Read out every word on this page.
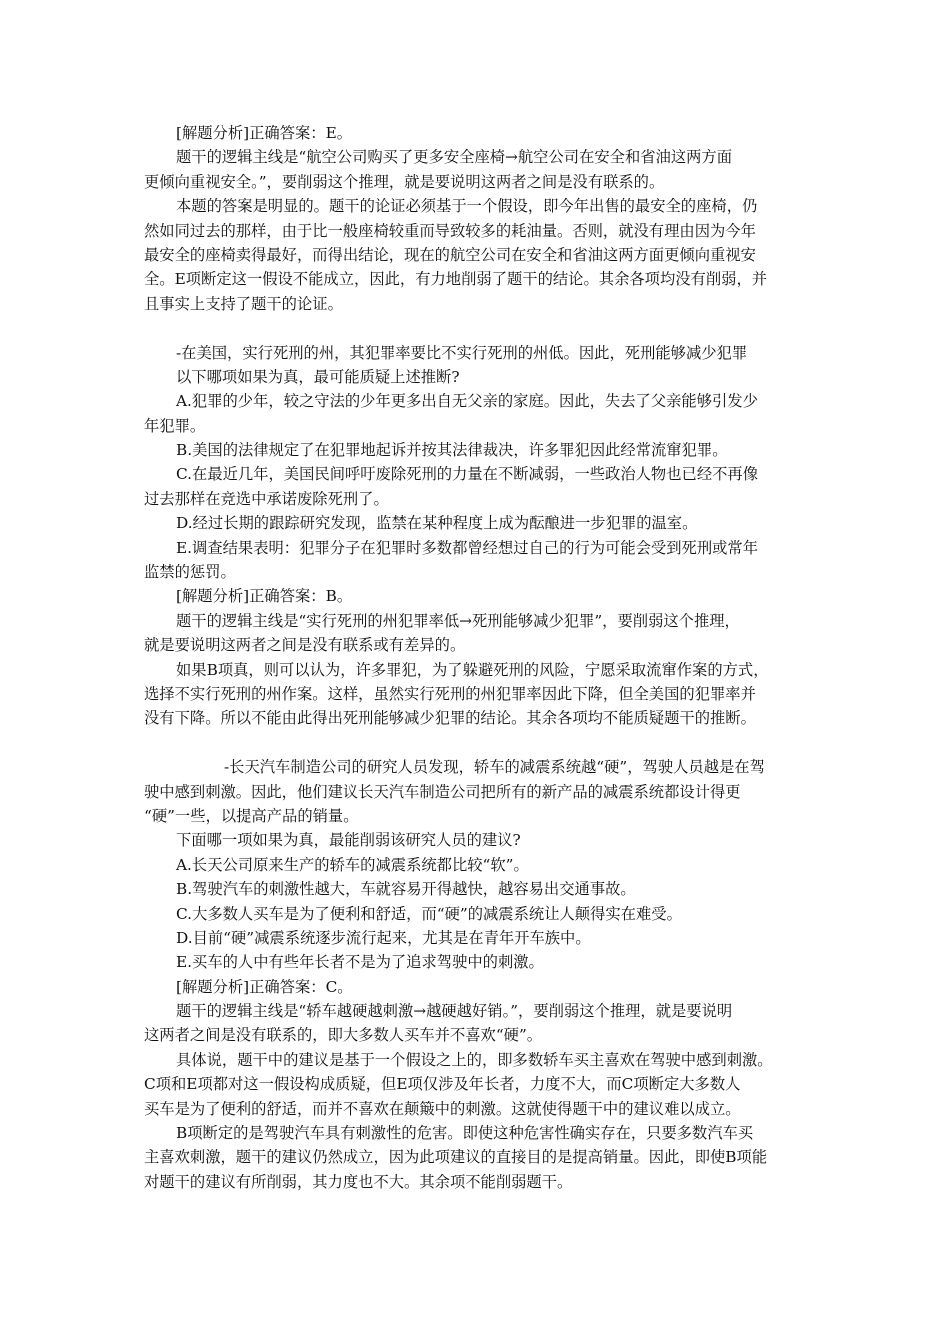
[解题分析]正确答案：E。
题干的逻辑主线是“航空公司购买了更多安全座椅→航空公司在安全和省油这两方面
更倾向重视安全。”，要削弱这个推理，就是要说明这两者之间是没有联系的。
本题的答案是明显的。题干的论证必须基于一个假设，即今年出售的最安全的座椅，仍
然如同过去的那样，由于比一般座椅较重而导致较多的耗油量。否则，就没有理由因为今年
最安全的座椅卖得最好，而得出结论，现在的航空公司在安全和省油这两方面更倾向重视安
全。E项断定这一假设不能成立，因此，有力地削弱了题干的结论。其余各项均没有削弱，并
且事实上支持了题干的论证。
-在美国，实行死刑的州，其犯罪率要比不实行死刑的州低。因此，死刑能够减少犯罪
以下哪项如果为真，最可能质疑上述推断?
A.犯罪的少年，较之守法的少年更多出自无父亲的家庭。因此，失去了父亲能够引发少
年犯罪。
B.美国的法律规定了在犯罪地起诉并按其法律裁决，许多罪犯因此经常流窜犯罪。
C.在最近几年，美国民间呼吁废除死刑的力量在不断减弱，一些政治人物也已经不再像
过去那样在竞选中承诺废除死刑了。
D.经过长期的跟踪研究发现，监禁在某种程度上成为酝酿进一步犯罪的温室。
E.调查结果表明：犯罪分子在犯罪时多数都曾经想过自己的行为可能会受到死刑或常年
监禁的惩罚。
[解题分析]正确答案：B。
题干的逻辑主线是“实行死刑的州犯罪率低→死刑能够减少犯罪”，要削弱这个推理，
就是要说明这两者之间是没有联系或有差异的。
如果B项真，则可以认为，许多罪犯，为了躲避死刑的风险，宁愿采取流窜作案的方式，
选择不实行死刑的州作案。这样，虽然实行死刑的州犯罪率因此下降，但全美国的犯罪率并
没有下降。所以不能由此得出死刑能够减少犯罪的结论。其余各项均不能质疑题干的推断。
-长天汽车制造公司的研究人员发现，轿车的减震系统越“硬”，驾驶人员越是在驾
驶中感到刺激。因此，他们建议长天汽车制造公司把所有的新产品的减震系统都设计得更
“硬”一些，以提高产品的销量。
下面哪一项如果为真，最能削弱该研究人员的建议?
A.长天公司原来生产的轿车的减震系统都比较“软”。
B.驾驶汽车的刺激性越大，车就容易开得越快，越容易出交通事故。
C.大多数人买车是为了便利和舒适，而“硬”的减震系统让人颠得实在难受。
D.目前“硬”减震系统逐步流行起来，尤其是在青年开车族中。
E.买车的人中有些年长者不是为了追求驾驶中的刺激。
[解题分析]正确答案：C。
题干的逻辑主线是“轿车越硬越刺激→越硬越好销。”，要削弱这个推理，就是要说明
这两者之间是没有联系的，即大多数人买车并不喜欢“硬”。
具体说，题干中的建议是基于一个假设之上的，即多数轿车买主喜欢在驾驶中感到刺激。
C项和E项都对这一假设构成质疑，但E项仅涉及年长者，力度不大，而C项断定大多数人
买车是为了便利的舒适，而并不喜欢在颠簸中的刺激。这就使得题干中的建议难以成立。
B项断定的是驾驶汽车具有刺激性的危害。即使这种危害性确实存在，只要多数汽车买
主喜欢刺激，题干的建议仍然成立，因为此项建议的直接目的是提高销量。因此，即使B项能
对题干的建议有所削弱，其力度也不大。其余项不能削弱题干。
